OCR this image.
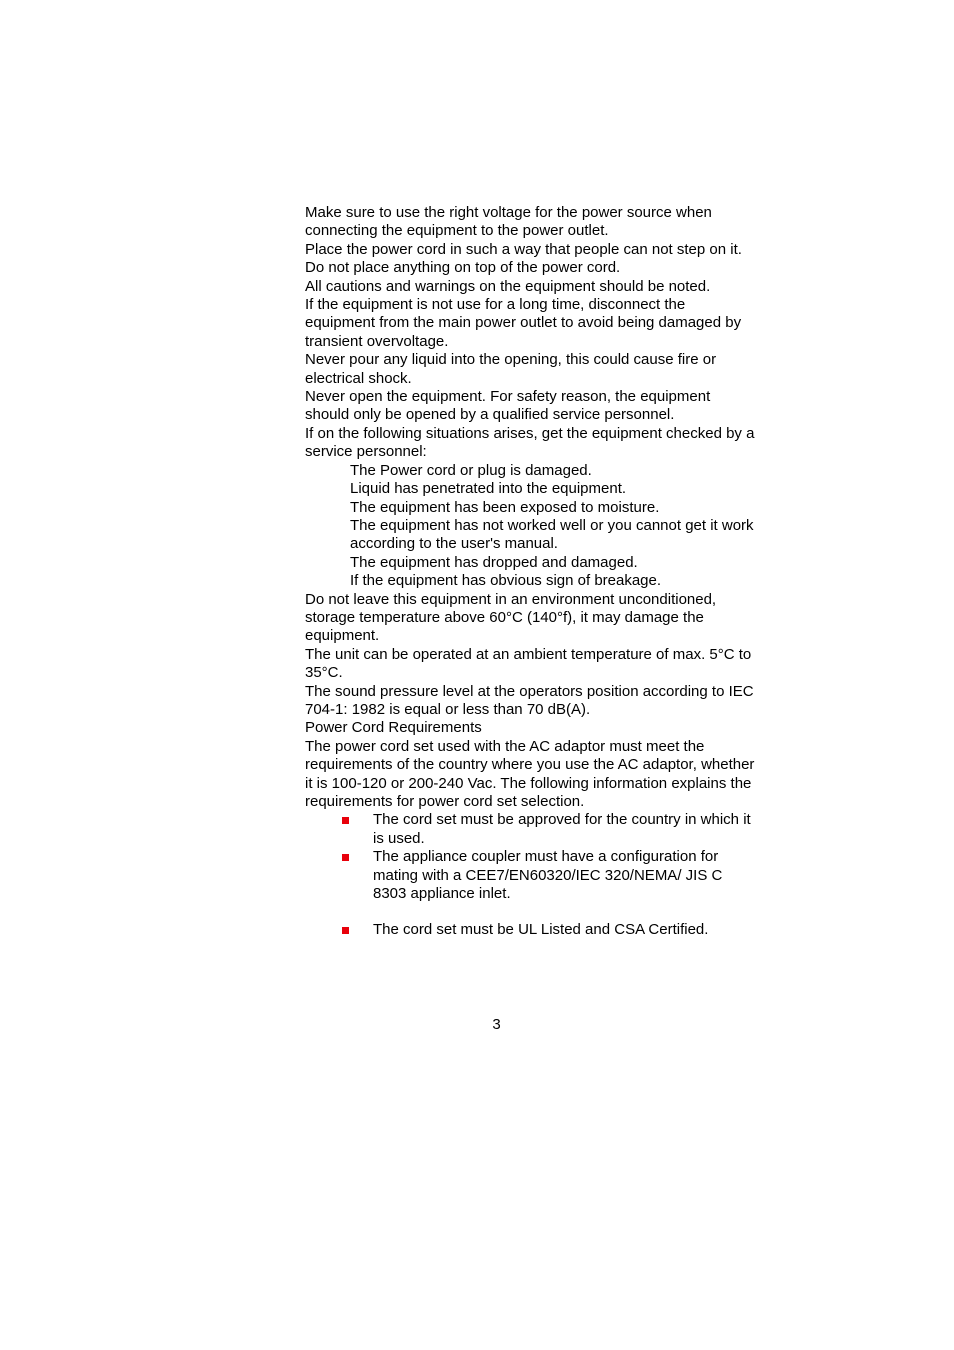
Make sure to use the right voltage for the power source when connecting the equipment to the power outlet.

Place the power cord in such a way that people can not step on it. Do not place anything on top of the power cord.

All cautions and warnings on the equipment should be noted.

If the equipment is not use for a long time, disconnect the equipment from the main power outlet to avoid being damaged by transient overvoltage.

Never pour any liquid into the opening, this could cause fire or electrical shock.

Never open the equipment. For safety reason, the equipment should only be opened by a qualified service personnel.

If on the following situations arises, get the equipment checked by a service personnel:

The Power cord or plug is damaged.
Liquid has penetrated into the equipment.
The equipment has been exposed to moisture.
The equipment has not worked well or you cannot get it work according to the user's manual.
The equipment has dropped and damaged.
If the equipment has obvious sign of breakage.

Do not leave this equipment in an environment unconditioned, storage temperature above 60°C (140°f), it may damage the equipment.

The unit can be operated at an ambient temperature of max. 5°C to 35°C.

The sound pressure level at the operators position according to IEC 704-1: 1982 is equal or less than 70 dB(A).

Power Cord Requirements

The power cord set used with the AC adaptor must meet the requirements of the country where you use the AC adaptor, whether it is 100-120 or 200-240 Vac. The following information explains the requirements for power cord set selection.

The cord set must be approved for the country in which it is used.
The appliance coupler must have a configuration for mating with a CEE7/EN60320/IEC 320/NEMA/ JIS C 8303 appliance inlet.
The cord set must be UL Listed and CSA Certified.
3
